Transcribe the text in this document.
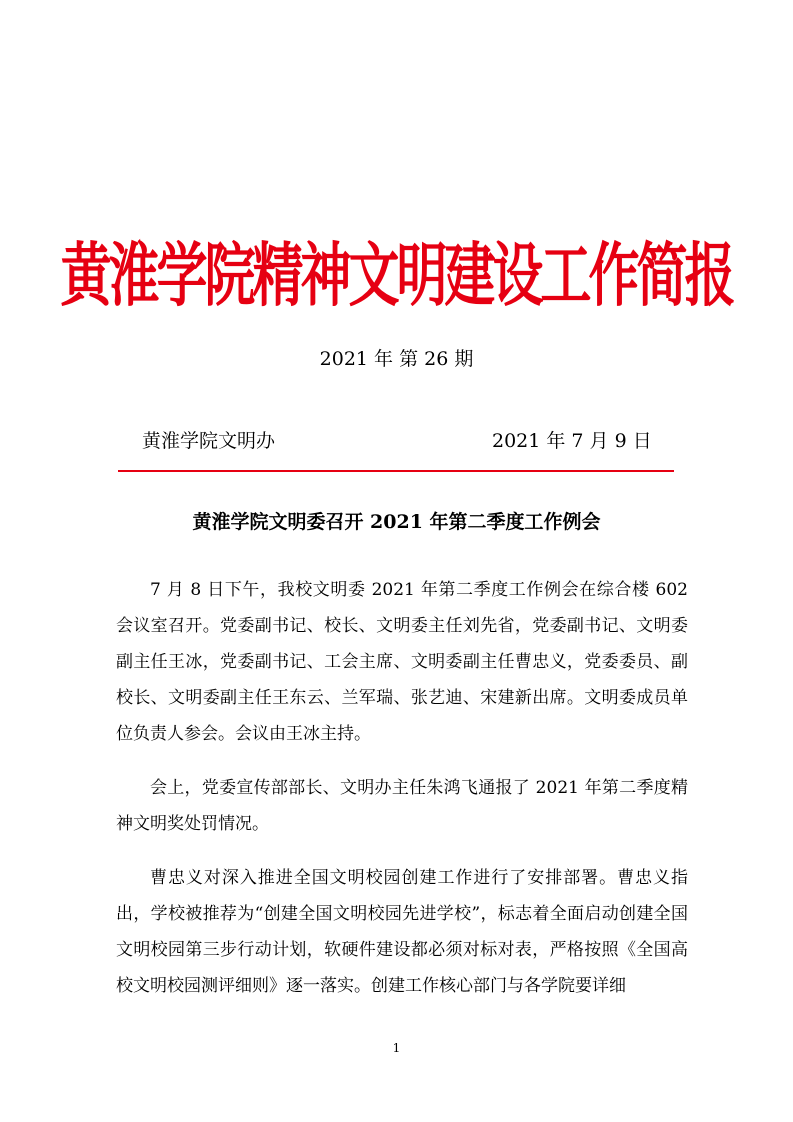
黄淮学院精神文明建设工作简报
2021 年 第 26 期
黄淮学院文明办	2021 年 7 月 9 日
黄淮学院文明委召开 2021 年第二季度工作例会

7 月 8 日下午，我校文明委 2021 年第二季度工作例会在综合楼 602 会议室召开。党委副书记、校长、文明委主任刘先省，党委副书记、文明委副主任王冰，党委副书记、工会主席、文明委副主任曹忠义，党委委员、副校长、文明委副主任王东云、兰军瑞、张艺迪、宋建新出席。文明委成员单位负责人参会。会议由王冰主持。

会上，党委宣传部部长、文明办主任朱鸿飞通报了 2021 年第二季度精神文明奖处罚情况。

曹忠义对深入推进全国文明校园创建工作进行了安排部署。曹忠义指出，学校被推荐为“创建全国文明校园先进学校”，标志着全面启动创建全国文明校园第三步行动计划，软硬件建设都必须对标对表，严格按照《全国高校文明校园测评细则》逐一落实。创建工作核心部门与各学院要详细

1
